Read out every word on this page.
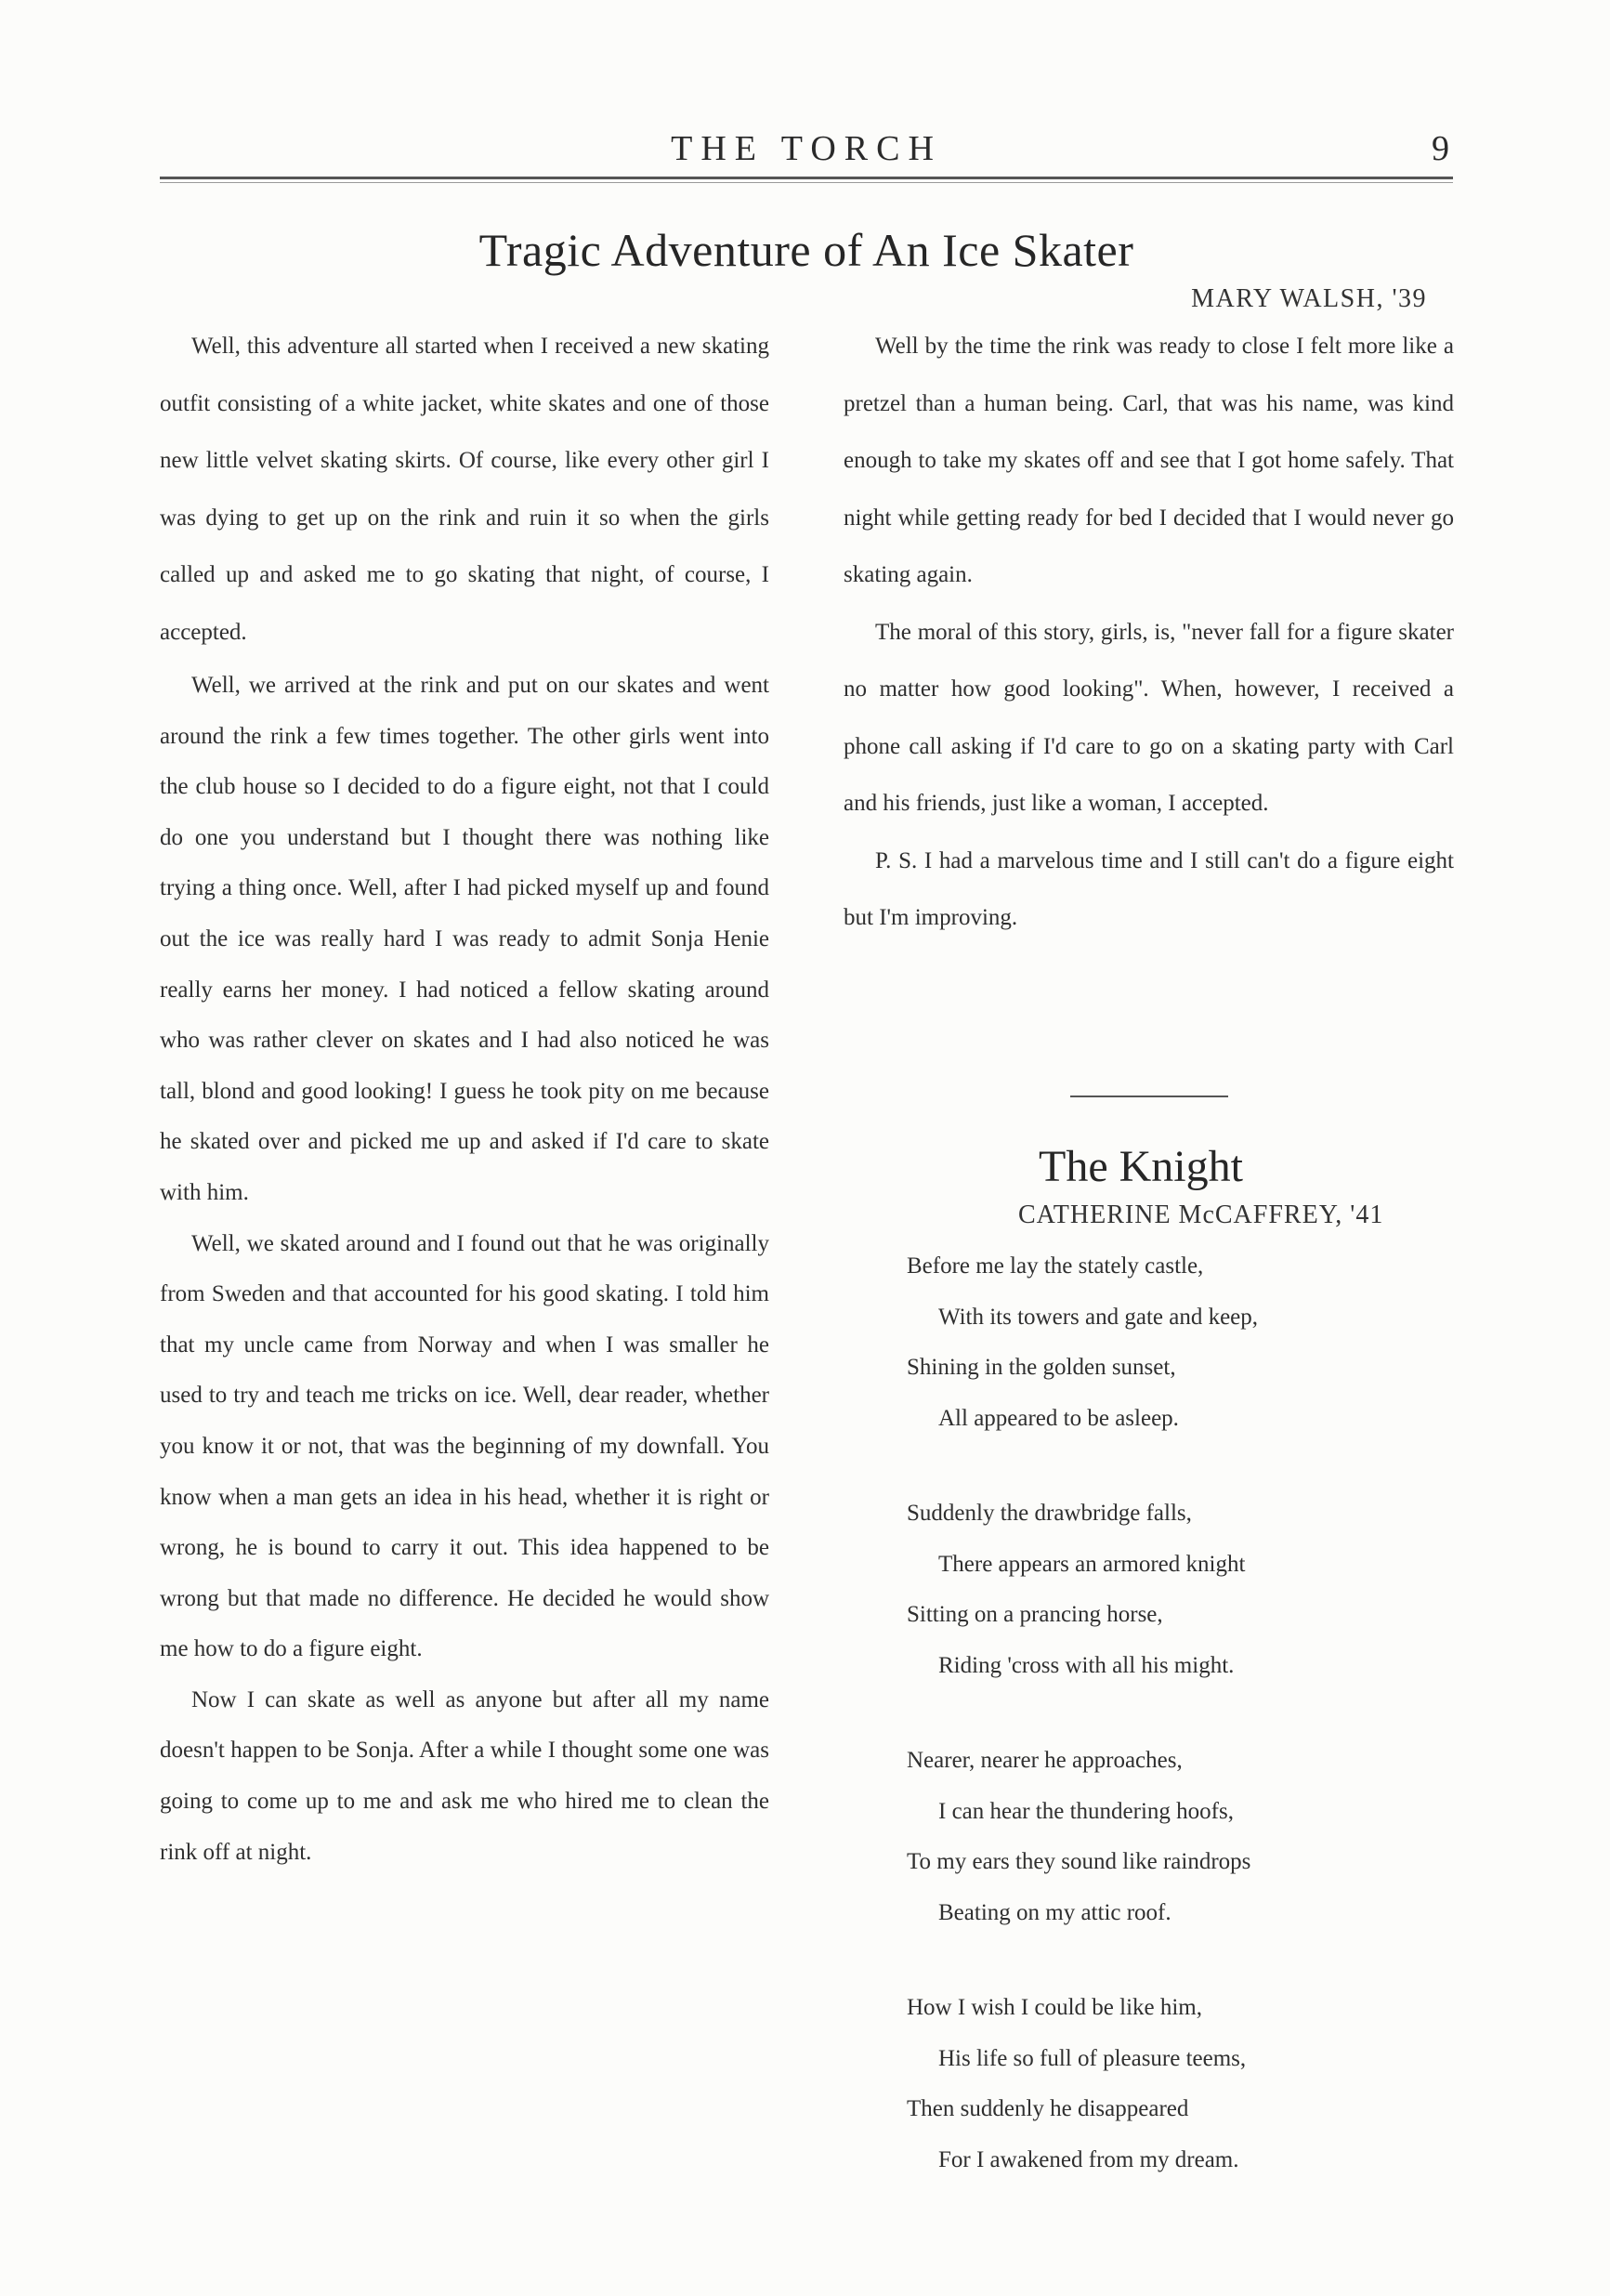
THE TORCH	9
Tragic Adventure of An Ice Skater
MARY WALSH, '39

Well, this adventure all started when I received a new skating outfit consisting of a white jacket, white skates and one of those new little velvet skating skirts. Of course, like every other girl I was dying to get up on the rink and ruin it so when the girls called up and asked me to go skating that night, of course, I accepted.

Well, we arrived at the rink and put on our skates and went around the rink a few times together. The other girls went into the club house so I decided to do a figure eight, not that I could do one you understand but I thought there was nothing like trying a thing once. Well, after I had picked myself up and found out the ice was really hard I was ready to admit Sonja Henie really earns her money. I had noticed a fellow skating around who was rather clever on skates and I had also noticed he was tall, blond and good looking! I guess he took pity on me because he skated over and picked me up and asked if I'd care to skate with him.

Well, we skated around and I found out that he was originally from Sweden and that accounted for his good skating. I told him that my uncle came from Norway and when I was smaller he used to try and teach me tricks on ice. Well, dear reader, whether you know it or not, that was the beginning of my downfall. You know when a man gets an idea in his head, whether it is right or wrong, he is bound to carry it out. This idea happened to be wrong but that made no difference. He decided he would show me how to do a figure eight.

Now I can skate as well as anyone but after all my name doesn't happen to be Sonja. After a while I thought some one was going to come up to me and ask me who hired me to clean the rink off at night.

Well by the time the rink was ready to close I felt more like a pretzel than a human being. Carl, that was his name, was kind enough to take my skates off and see that I got home safely. That night while getting ready for bed I decided that I would never go skating again.

The moral of this story, girls, is, "never fall for a figure skater no matter how good looking". When, however, I received a phone call asking if I'd care to go on a skating party with Carl and his friends, just like a woman, I accepted.

P. S. I had a marvelous time and I still can't do a figure eight but I'm improving.

The Knight
CATHERINE McCAFFREY, '41
Before me lay the stately castle,
With its towers and gate and keep,
Shining in the golden sunset,
All appeared to be asleep.
Suddenly the drawbridge falls,
There appears an armored knight
Sitting on a prancing horse,
Riding 'cross with all his might.
Nearer, nearer he approaches,
I can hear the thundering hoofs,
To my ears they sound like raindrops
Beating on my attic roof.
How I wish I could be like him,
His life so full of pleasure teems,
Then suddenly he disappeared
For I awakened from my dream.
